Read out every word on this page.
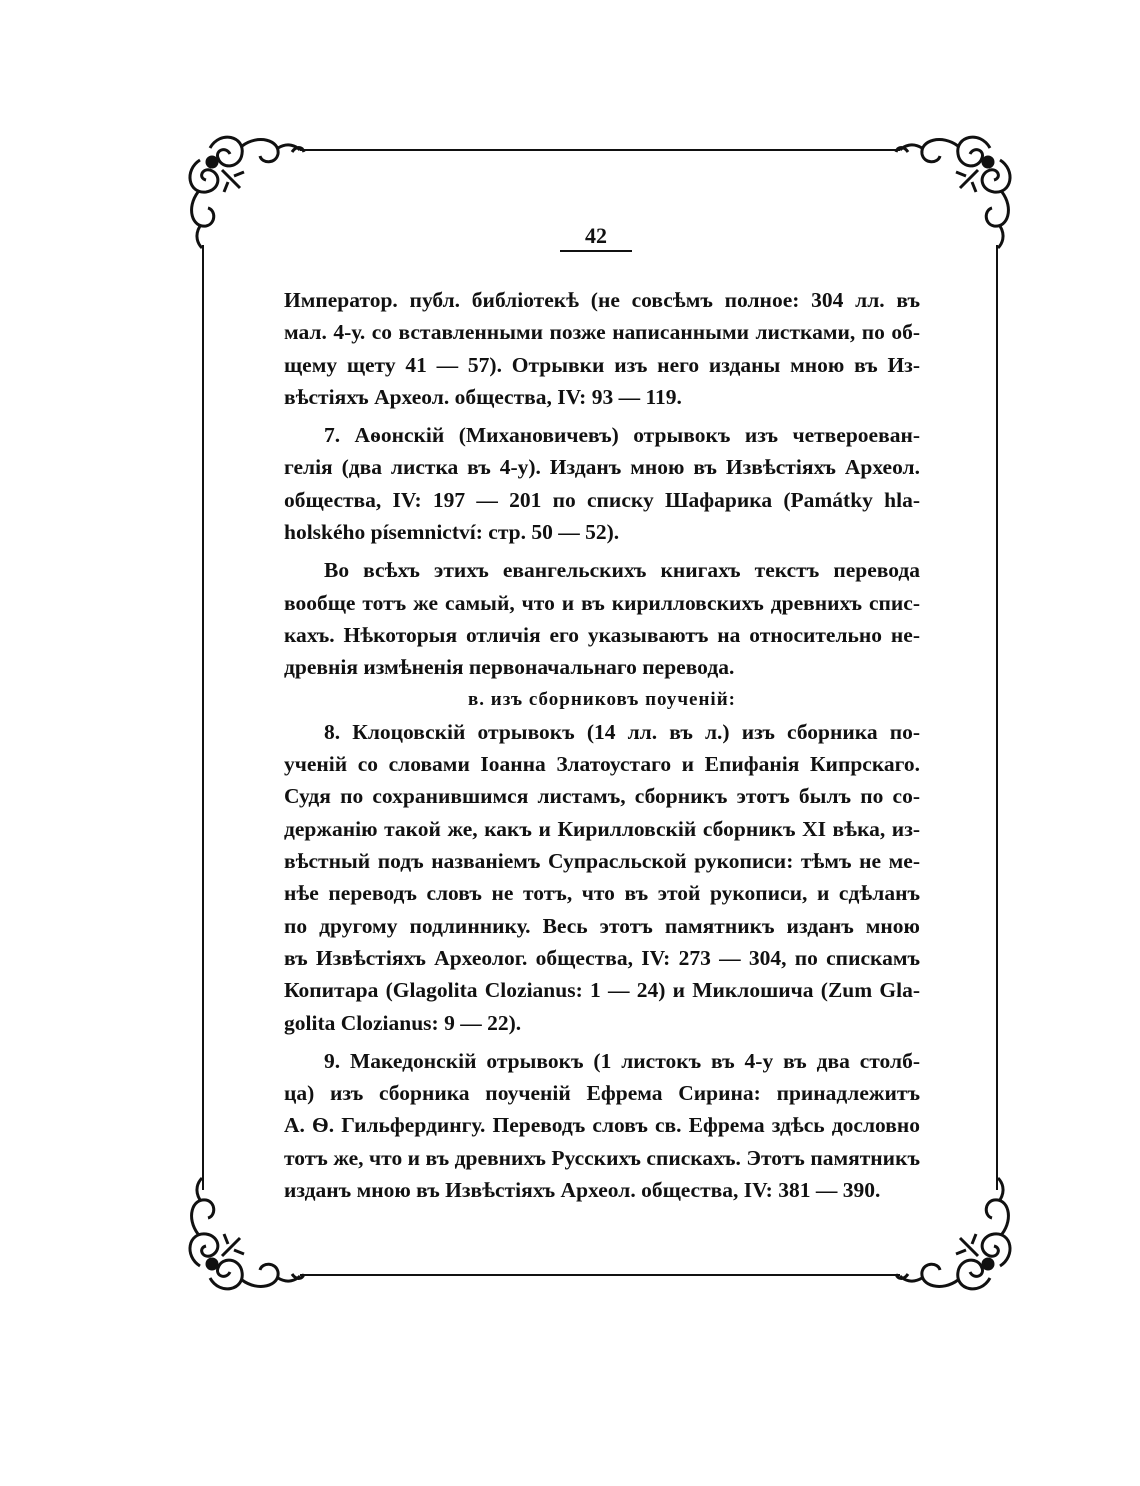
42
Император. публ. библіотекѣ (не совсѣмъ полное: 304 лл. въ
мал. 4-у. со вставленными позже написанными листками, по об-
щему щету 41 — 57). Отрывки изъ него изданы мною въ Из-
вѣстіяхъ Археол. общества, IV: 93 — 119.
7. Аѳонскій (Михановичевъ) отрывокъ изъ четвероеван-
гелія (два листка въ 4-у). Изданъ мною въ Извѣстіяхъ Археол.
общества, IV: 197 — 201 по списку Шафарика (Památky hla-
holského písemnictví: стр. 50 — 52).
Во всѣхъ этихъ евангельскихъ книгахъ текстъ перевода
вообще тотъ же самый, что и въ кирилловскихъ древнихъ спис-
кахъ. Нѣкоторыя отличія его указываютъ на относительно не-
древнія измѣненія первоначальнаго перевода.
в. изъ сборниковъ поученій:
8. Клоцовскій отрывокъ (14 лл. въ л.) изъ сборника по-
ученій со словами Іоанна Златоустаго и Епифанія Кипрскаго.
Судя по сохранившимся листамъ, сборникъ этотъ былъ по со-
держанію такой же, какъ и Кирилловскій сборникъ XI вѣка, из-
вѣстный подъ названіемъ Супрасльской рукописи: тѣмъ не ме-
нѣе переводъ словъ не тотъ, что въ этой рукописи, и сдѣланъ
по другому подлиннику. Весь этотъ памятникъ изданъ мною
въ Извѣстіяхъ Археолог. общества, IV: 273 — 304, по спискамъ
Копитара (Glagolita Clozianus: 1 — 24) и Миклошича (Zum Gla-
golita Clozianus: 9 — 22).
9. Македонскій отрывокъ (1 листокъ въ 4-у въ два столб-
ца) изъ сборника поученій Ефрема Сирина: принадлежитъ
А. Ѳ. Гильфердингу. Переводъ словъ св. Ефрема здѣсь дословно
тотъ же, что и въ древнихъ Русскихъ спискахъ. Этотъ памятникъ
изданъ мною въ Извѣстіяхъ Археол. общества, IV: 381 — 390.
